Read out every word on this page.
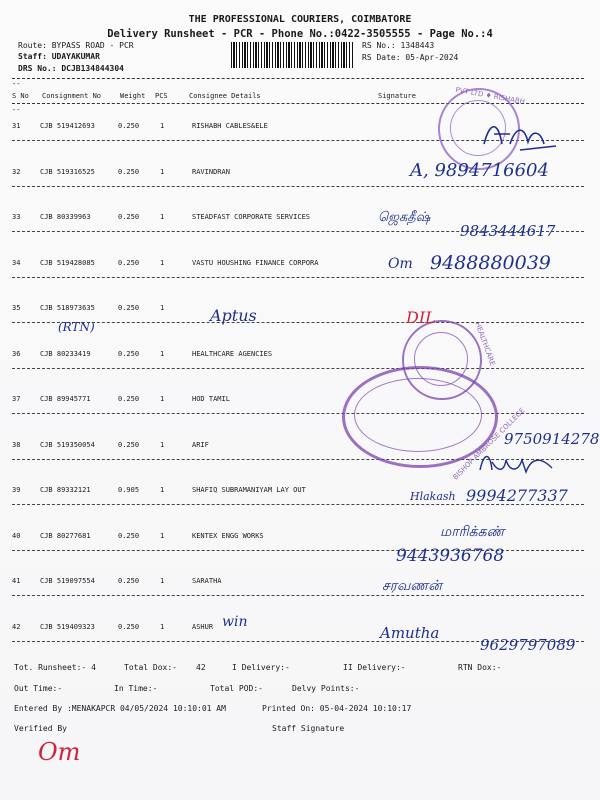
THE PROFESSIONAL COURIERS, COIMBATORE
Delivery Runsheet - PCR - Phone No.:0422-3505555 - Page No.:4
Route: BYPASS ROAD - PCR
Staff: UDAYAKUMAR
DRS No.: DCJB134844304
RS No.: 1348443
RS Date: 05-Apr-2024
--
S No Consignment No	Weight PCS	Consignee Details	Signature
--
31	CJB 519412693	0.250	1	RISHABH CABLES&ELE
32	CJB 519316525	0.250	1	RAVINDRAN
33	CJB 80339963	0.250	1	STEADFAST CORPORATE SERVICES
34	CJB 519428085	0.250	1	VASTU HOUSHING FINANCE CORPORA
35	CJB 518973635	0.250	1
36	CJB 80233419	0.250	1	HEALTHCARE AGENCIES
37	CJB 89945771	0.250	1	HOD TAMIL
38	CJB 519350054	0.250	1	ARIF
39	CJB 89332121	0.905	1	SHAFIQ SUBRAMANIYAM LAY OUT
40	CJB 80277681	0.250	1	KENTEX ENGG WORKS
41	CJB 519097554	0.250	1	SARATHA
42	CJB 519409323	0.250	1	ASHUR
Tot. Runsheet:- 4	Total Dox:- 42	I Delivery:-	II Delivery:-	RTN Dox:-
Out Time:-	In Time:-	Total POD:-	Delvy Points:-
Entered By :MENAKAPCR 04/05/2024 10:10:01 AM	Printed On: 05-04-2024 10:10:17
Verified By	Staff Signature
PVT LTD ♦ RISHABH
HEALTHCARE
BISHOP AMBROSE COLLEGE
A, 9894716604
ஜெகதீஷ்
9843444617
Om 9488880039
Aptus	DIL
(RTN)
9750914278
Hlakash 9994277337
மாரிக்கண்
9443936768
சரவணன்
Amutha
9629797089
win
Om
